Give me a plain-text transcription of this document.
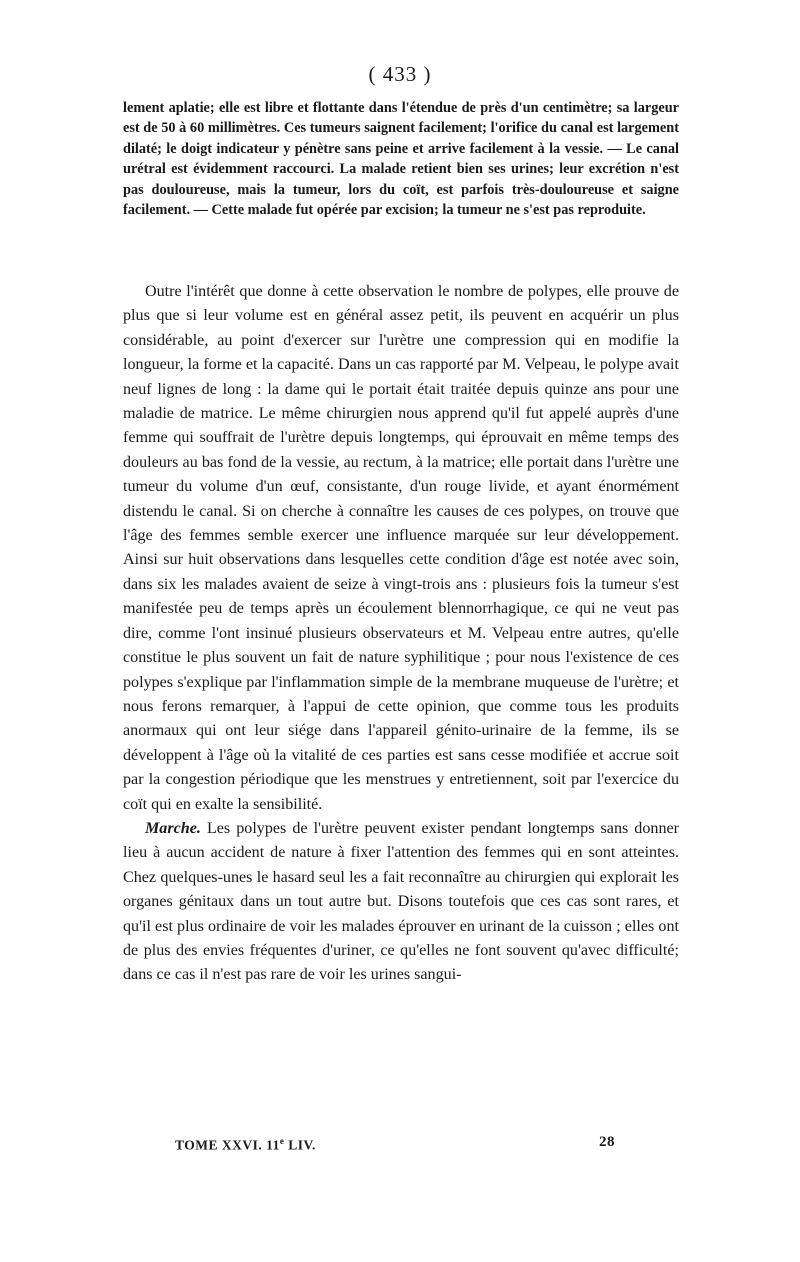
( 433 )

lement aplatie; elle est libre et flottante dans l'étendue de près d'un centimètre; sa largeur est de 50 à 60 millimètres. Ces tumeurs saignent facilement; l'orifice du canal est largement dilaté; le doigt indicateur y pénètre sans peine et arrive facilement à la vessie. — Le canal urétral est évidemment raccourci. La malade retient bien ses urines; leur excrétion n'est pas douloureuse, mais la tumeur, lors du coït, est parfois très-douloureuse et saigne facilement. — Cette malade fut opérée par excision; la tumeur ne s'est pas reproduite.

Outre l'intérêt que donne à cette observation le nombre de polypes, elle prouve de plus que si leur volume est en général assez petit, ils peuvent en acquérir un plus considérable, au point d'exercer sur l'urètre une compression qui en modifie la longueur, la forme et la capacité. Dans un cas rapporté par M. Velpeau, le polype avait neuf lignes de long : la dame qui le portait était traitée depuis quinze ans pour une maladie de matrice. Le même chirurgien nous apprend qu'il fut appelé auprès d'une femme qui souffrait de l'urètre depuis longtemps, qui éprouvait en même temps des douleurs au bas fond de la vessie, au rectum, à la matrice; elle portait dans l'urètre une tumeur du volume d'un œuf, consistante, d'un rouge livide, et ayant énormément distendu le canal. Si on cherche à connaître les causes de ces polypes, on trouve que l'âge des femmes semble exercer une influence marquée sur leur développement. Ainsi sur huit observations dans lesquelles cette condition d'âge est notée avec soin, dans six les malades avaient de seize à vingt-trois ans : plusieurs fois la tumeur s'est manifestée peu de temps après un écoulement blennorrhagique, ce qui ne veut pas dire, comme l'ont insinué plusieurs observateurs et M. Velpeau entre autres, qu'elle constitue le plus souvent un fait de nature syphilitique ; pour nous l'existence de ces polypes s'explique par l'inflammation simple de la membrane muqueuse de l'urètre; et nous ferons remarquer, à l'appui de cette opinion, que comme tous les produits anormaux qui ont leur siége dans l'appareil génito-urinaire de la femme, ils se développent à l'âge où la vitalité de ces parties est sans cesse modifiée et accrue soit par la congestion périodique que les menstrues y entretiennent, soit par l'exercice du coït qui en exalte la sensibilité.

Marche. Les polypes de l'urètre peuvent exister pendant longtemps sans donner lieu à aucun accident de nature à fixer l'attention des femmes qui en sont atteintes. Chez quelques-unes le hasard seul les a fait reconnaître au chirurgien qui explorait les organes génitaux dans un tout autre but. Disons toutefois que ces cas sont rares, et qu'il est plus ordinaire de voir les malades éprouver en urinant de la cuisson ; elles ont de plus des envies fréquentes d'uriner, ce qu'elles ne font souvent qu'avec difficulté; dans ce cas il n'est pas rare de voir les urines sangui-

TOME XXVI. 11e LIV.	28
